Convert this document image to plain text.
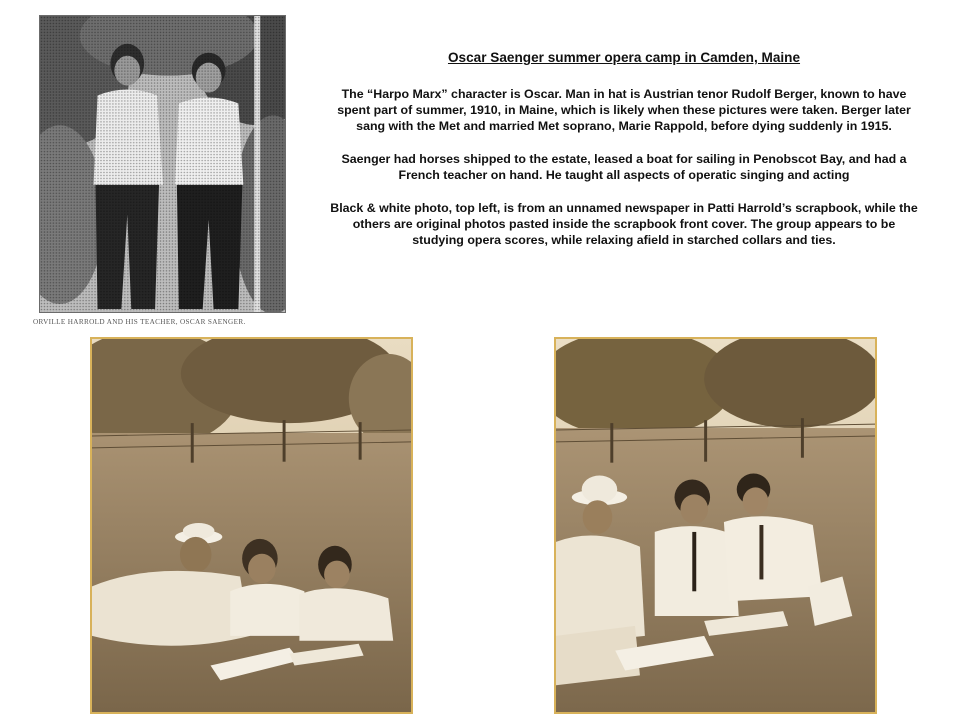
ORVILLE HARROLD AND HIS TEACHER, OSCAR SAENGER.
Oscar Saenger summer opera camp in Camden, Maine
The “Harpo Marx” character is Oscar. Man in hat is Austrian tenor Rudolf Berger, known to have spent part of summer, 1910, in Maine, which is likely when these pictures were taken. Berger later sang with the Met and married Met soprano, Marie Rappold, before dying suddenly in 1915.
Saenger had horses shipped to the estate, leased a boat for sailing in Penobscot Bay, and had a French teacher on hand. He taught all aspects of operatic singing and acting
Black & white photo, top left, is from an unnamed newspaper in Patti Harrold’s scrapbook, while the others are original photos pasted inside the scrapbook front cover. The group appears to be studying opera scores, while relaxing afield in starched collars and ties.
